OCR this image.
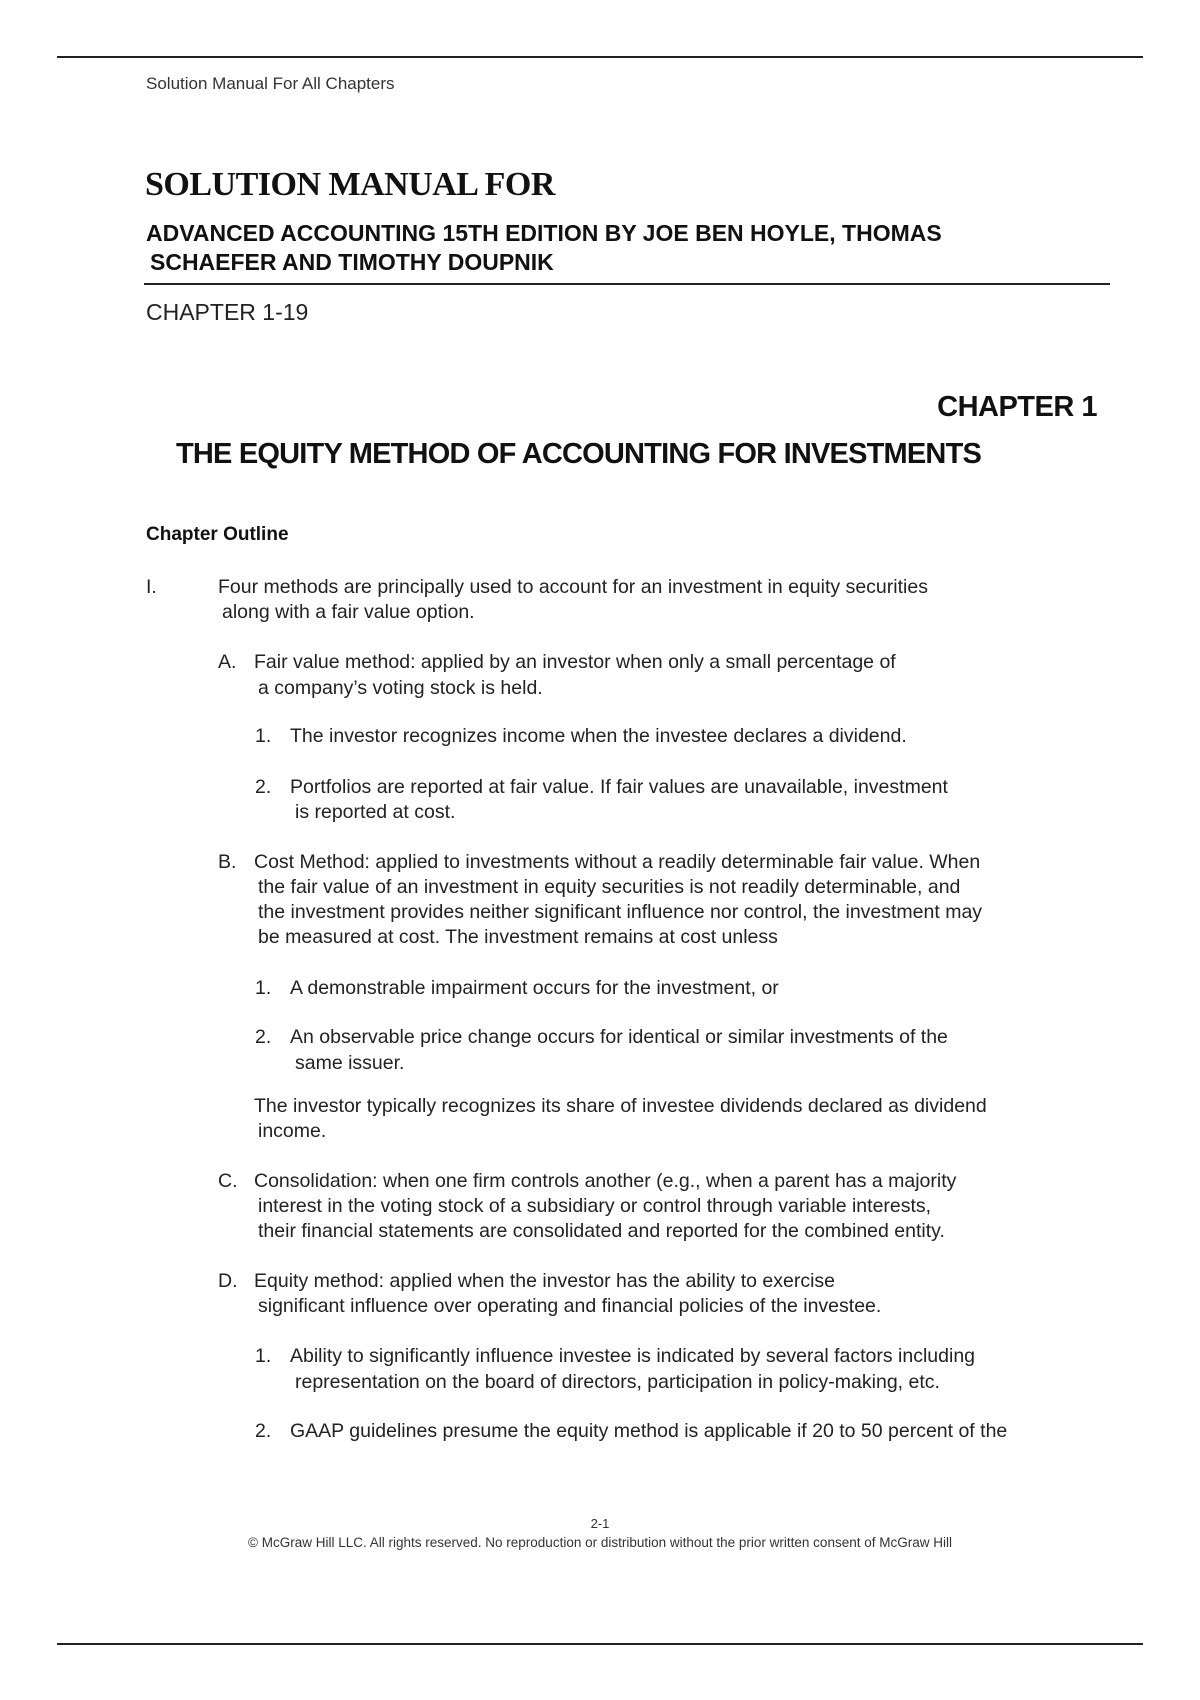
Solution Manual For All Chapters
SOLUTION MANUAL FOR
ADVANCED ACCOUNTING 15TH EDITION BY JOE BEN HOYLE, THOMAS
SCHAEFER AND TIMOTHY DOUPNIK
CHAPTER 1-19
CHAPTER 1
THE EQUITY METHOD OF ACCOUNTING FOR INVESTMENTS
Chapter Outline
I.	Four methods are principally used to account for an investment in equity securities
along with a fair value option.
A. Fair value method: applied by an investor when only a small percentage of
a company’s voting stock is held.
1. The investor recognizes income when the investee declares a dividend.
2. Portfolios are reported at fair value. If fair values are unavailable, investment
is reported at cost.
B. Cost Method: applied to investments without a readily determinable fair value. When
the fair value of an investment in equity securities is not readily determinable, and
the investment provides neither significant influence nor control, the investment may
be measured at cost. The investment remains at cost unless
1. A demonstrable impairment occurs for the investment, or
2. An observable price change occurs for identical or similar investments of the
same issuer.
The investor typically recognizes its share of investee dividends declared as dividend
income.
C. Consolidation: when one firm controls another (e.g., when a parent has a majority
interest in the voting stock of a subsidiary or control through variable interests,
their financial statements are consolidated and reported for the combined entity.
D. Equity method: applied when the investor has the ability to exercise
significant influence over operating and financial policies of the investee.
1. Ability to significantly influence investee is indicated by several factors including
representation on the board of directors, participation in policy-making, etc.
2. GAAP guidelines presume the equity method is applicable if 20 to 50 percent of the
2-1
© McGraw Hill LLC. All rights reserved. No reproduction or distribution without the prior written consent of McGraw Hill
